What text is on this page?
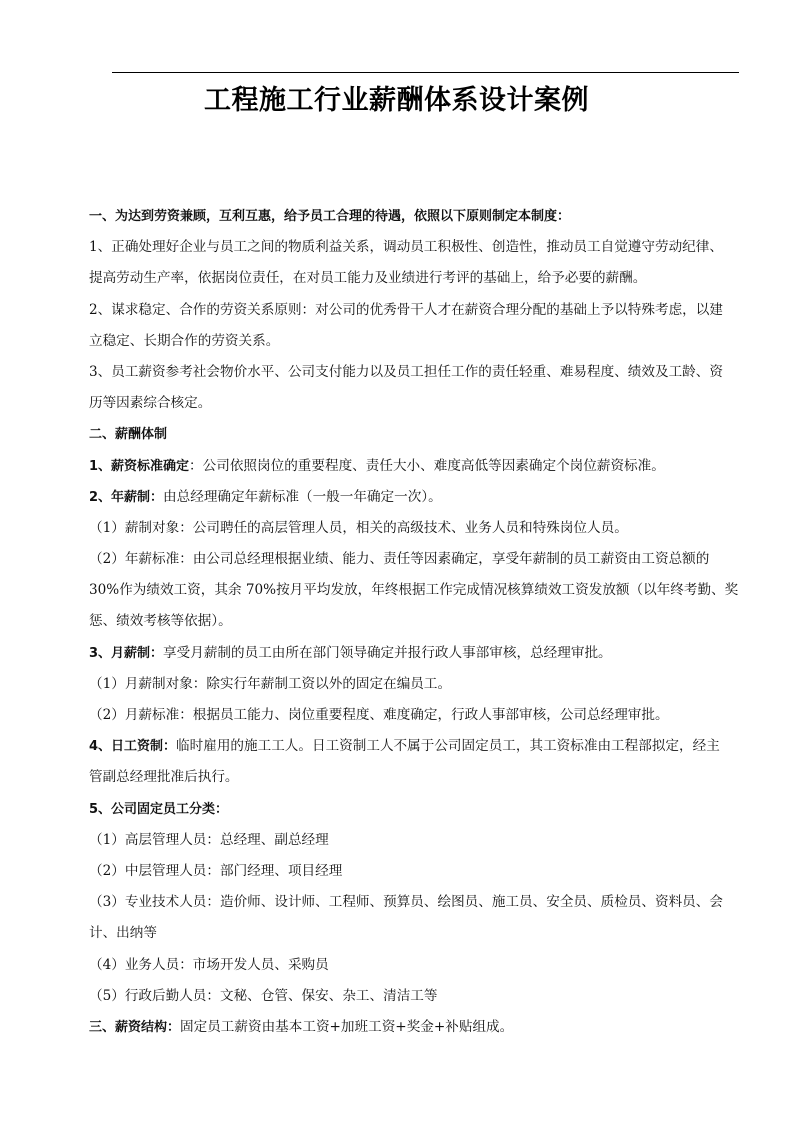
工程施工行业薪酬体系设计案例
一、为达到劳资兼顾，互利互惠，给予员工合理的待遇，依照以下原则制定本制度：
1、正确处理好企业与员工之间的物质利益关系，调动员工积极性、创造性，推动员工自觉遵守劳动纪律、
提高劳动生产率，依据岗位责任，在对员工能力及业绩进行考评的基础上，给予必要的薪酬。
2、谋求稳定、合作的劳资关系原则：对公司的优秀骨干人才在薪资合理分配的基础上予以特殊考虑，以建
立稳定、长期合作的劳资关系。
3、员工薪资参考社会物价水平、公司支付能力以及员工担任工作的责任轻重、难易程度、绩效及工龄、资
历等因素综合核定。
二、薪酬体制
1、薪资标准确定：公司依照岗位的重要程度、责任大小、难度高低等因素确定个岗位薪资标准。
2、年薪制：由总经理确定年薪标准（一般一年确定一次）。
（1）薪制对象：公司聘任的高层管理人员，相关的高级技术、业务人员和特殊岗位人员。
（2）年薪标准：由公司总经理根据业绩、能力、责任等因素确定，享受年薪制的员工薪资由工资总额的
30%作为绩效工资，其余 70%按月平均发放，年终根据工作完成情况核算绩效工资发放额（以年终考勤、奖
惩、绩效考核等依据）。
3、月薪制：享受月薪制的员工由所在部门领导确定并报行政人事部审核，总经理审批。
（1）月薪制对象：除实行年薪制工资以外的固定在编员工。
（2）月薪标准：根据员工能力、岗位重要程度、难度确定，行政人事部审核，公司总经理审批。
4、日工资制：临时雇用的施工工人。日工资制工人不属于公司固定员工，其工资标准由工程部拟定，经主
管副总经理批准后执行。
5、公司固定员工分类：
（1）高层管理人员：总经理、副总经理
（2）中层管理人员：部门经理、项目经理
（3）专业技术人员：造价师、设计师、工程师、预算员、绘图员、施工员、安全员、质检员、资料员、会
计、出纳等
（4）业务人员：市场开发人员、采购员
（5）行政后勤人员：文秘、仓管、保安、杂工、清洁工等
三、薪资结构：固定员工薪资由基本工资+加班工资+奖金+补贴组成。
